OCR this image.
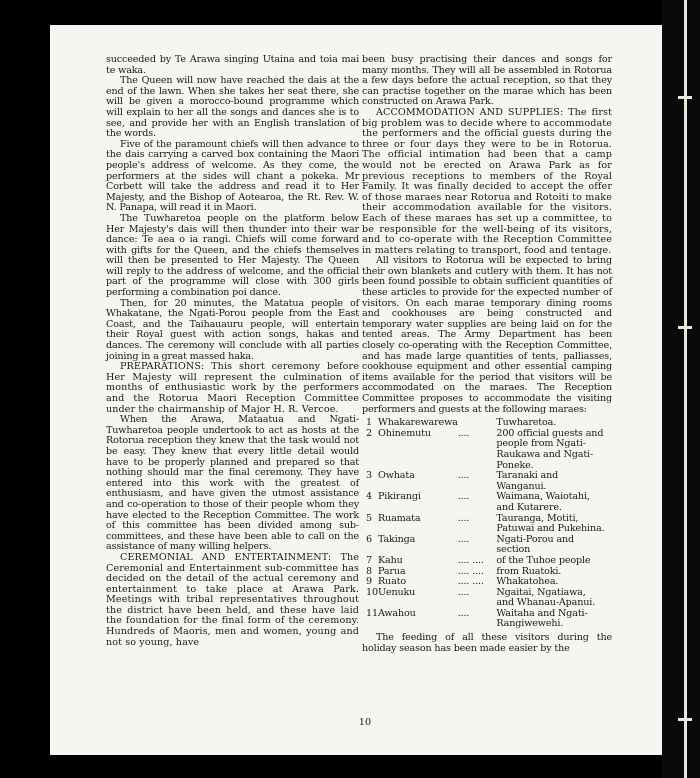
succeeded by Te Arawa singing Utaina and toia mai te waka.

The Queen will now have reached the dais at the end of the lawn. When she takes her seat there, she will be given a morocco-bound programme which will explain to her all the songs and dances she is to see, and provide her with an English translation of the words.

Five of the paramount chiefs will then advance to the dais carrying a carved box containing the Maori people's address of welcome. As they come, the performers at the sides will chant a pokeka. Mr Corbett will take the address and read it to Her Majesty, and the Bishop of Aotearoa, the Rt. Rev. W. N. Panapa, will read it in Maori.

The Tuwharetoa people on the platform below Her Majesty's dais will then thunder into their war dance: Te aea o ia rangi. Chiefs will come forward with gifts for the Queen, and the chiefs themselves will then be presented to Her Majesty. The Queen will reply to the address of welcome, and the official part of the programme will close with 300 girls performing a combination poi dance.

Then, for 20 minutes, the Matatua people of Whakatane, the Ngati-Porou people from the East Coast, and the Taihauauru people, will entertain their Royal guest with action songs, hakas and dances. The ceremony will conclude with all parties joining in a great massed haka.

PREPARATIONS: This short ceremony before Her Majesty will represent the culmination of months of enthusiastic work by the performers and the Rotorua Maori Reception Committee under the chairmanship of Major H. R. Vercoe.

When the Arawa, Mataatua and Ngati-Tuwharetoa people undertook to act as hosts at the Rotorua reception they knew that the task would not be easy. They knew that every little detail would have to be properly planned and prepared so that nothing should mar the final ceremony. They have entered into this work with the greatest of enthusiasm, and have given the utmost assistance and co-operation to those of their people whom they have elected to the Reception Committee. The work of this committee has been divided among sub-committees, and these have been able to call on the assistance of many willing helpers.

CEREMONIAL AND ENTERTAINMENT: The Ceremonial and Entertainment sub-committee has decided on the detail of the actual ceremony and entertainment to take place at Arawa Park. Meetings with tribal representatives throughout the district have been held, and these have laid the foundation for the final form of the ceremony. Hundreds of Maoris, men and women, young and not so young, have

been busy practising their dances and songs for many months. They will all be assembled in Rotorua a few days before the actual reception, so that they can practise together on the marae which has been constructed on Arawa Park.

ACCOMMODATION AND SUPPLIES: The first big problem was to decide where to accommodate the performers and the official guests during the three or four days they were to be in Rotorua. The official intimation had been that a camp would not be erected on Arawa Park as for previous receptions to members of the Royal Family. It was finally decided to accept the offer of those maraes near Rotorua and Rotoiti to make their accommodation available for the visitors. Each of these maraes has set up a committee, to be responsible for the well-being of its visitors, and to co-operate with the Reception Committee in matters relating to transport, food and tentage.

All visitors to Rotorua will be expected to bring their own blankets and cutlery with them. It has not been found possible to obtain sufficient quantities of these articles to provide for the expected number of visitors. On each marae temporary dining rooms and cookhouses are being constructed and temporary water supplies are being laid on for the tented areas. The Army Department has been closely co-operating with the Reception Committee, and has made large quantities of tents, palliasses, cookhouse equipment and other essential camping items available for the period that visitors will be accommodated on the maraes. The Reception Committee proposes to accommodate the visiting performers and guests at the following maraes:

1	Whakarewarewa		Tuwharetoa.
2	Ohinemutu	....	200 official guests and people from Ngati-Raukawa and Ngati-Poneke.
3	Owhata	....	Taranaki and Wanganui.
4	Pikirangi	....	Waimana, Waiotahi, and Kutarere.
5	Ruamata	....	Tauranga, Motiti, Patuwai and Pukehina.
6	Takinga	....	Ngati-Porou and section
7	Kahu	.... ....	of the Tuhoe people
8	Parua	.... ....	from Ruatoki.
9	Ruato	.... ....	Whakatohea.
10	Uenuku	....	Ngaitai, Ngatiawa, and Whanau-Apanui.
11	Awahou	....	Waitaha and Ngati-Rangiwewehi.

The feeding of all these visitors during the holiday season has been made easier by the

10
